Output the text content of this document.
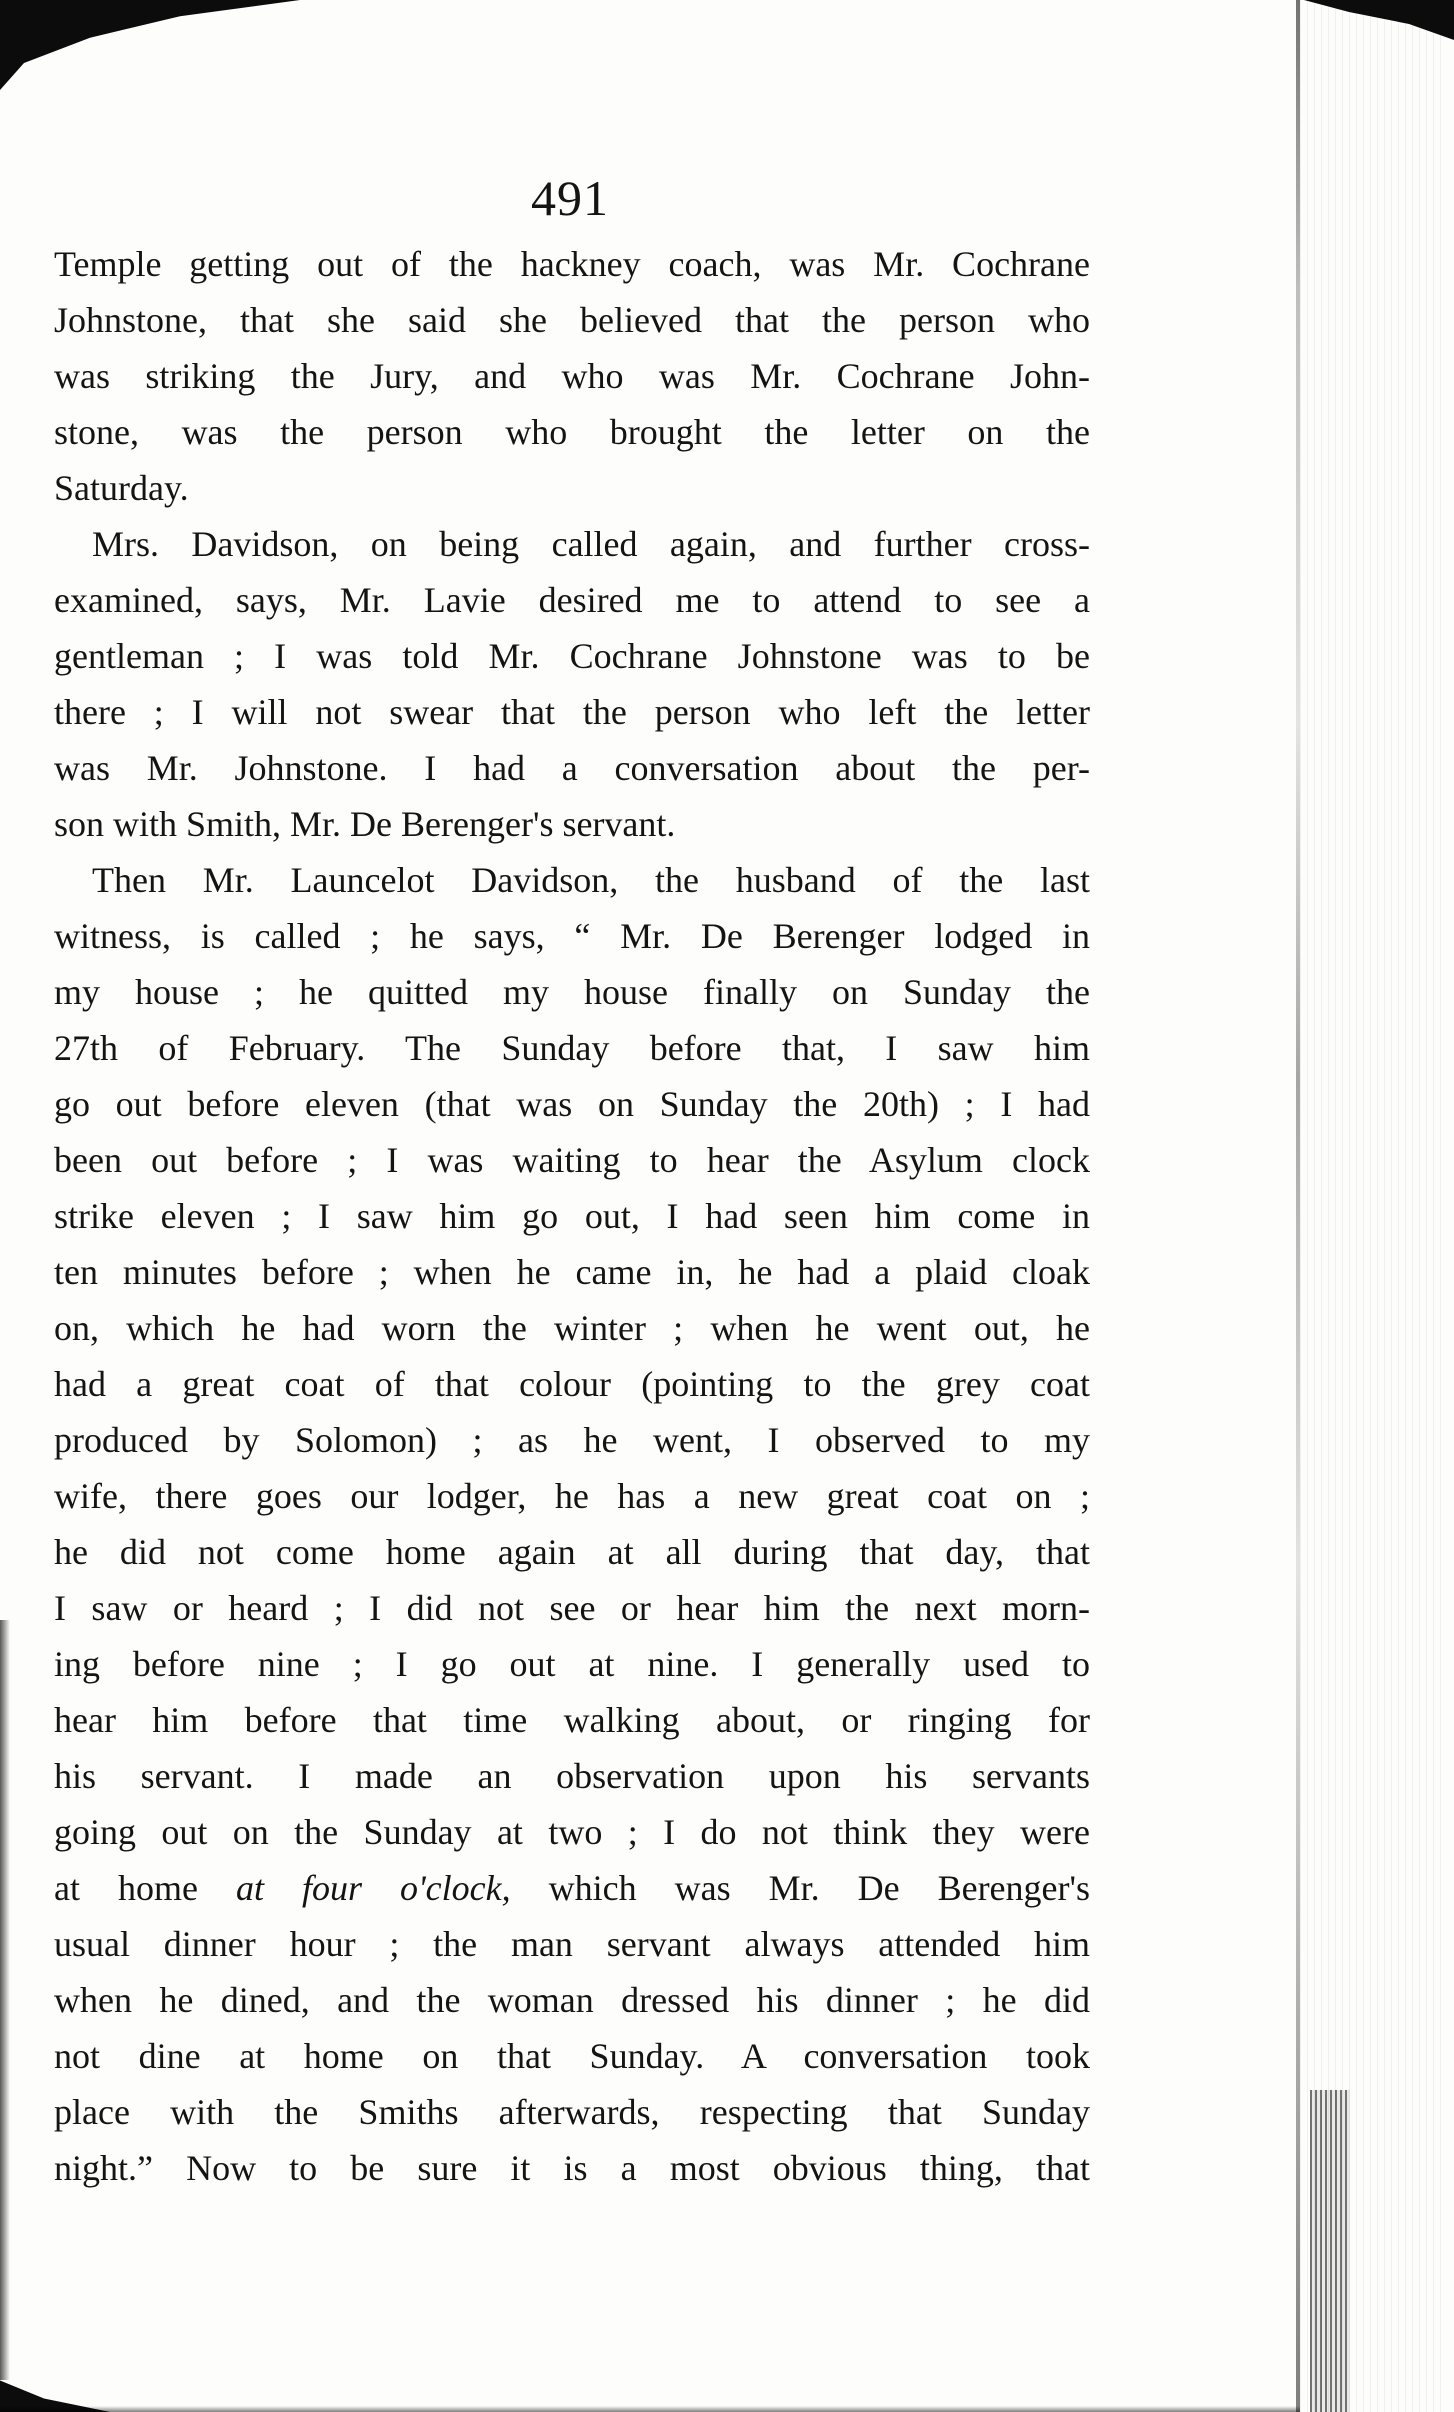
491
Temple getting out of the hackney coach, was Mr. Cochrane
Johnstone, that she said she believed that the person who
was striking the Jury, and who was Mr. Cochrane John-
stone, was the person who brought the letter on the
Saturday.
Mrs. Davidson, on being called again, and further cross-
examined, says, Mr. Lavie desired me to attend to see a
gentleman ; I was told Mr. Cochrane Johnstone was to be
there ; I will not swear that the person who left the letter
was Mr. Johnstone. I had a conversation about the per-
son with Smith, Mr. De Berenger's servant.
Then Mr. Launcelot Davidson, the husband of the last
witness, is called ; he says, “ Mr. De Berenger lodged in
my house ; he quitted my house finally on Sunday the
27th of February. The Sunday before that, I saw him
go out before eleven (that was on Sunday the 20th) ; I had
been out before ; I was waiting to hear the Asylum clock
strike eleven ; I saw him go out, I had seen him come in
ten minutes before ; when he came in, he had a plaid cloak
on, which he had worn the winter ; when he went out, he
had a great coat of that colour (pointing to the grey coat
produced by Solomon) ; as he went, I observed to my
wife, there goes our lodger, he has a new great coat on ;
he did not come home again at all during that day, that
I saw or heard ; I did not see or hear him the next morn-
ing before nine ; I go out at nine. I generally used to
hear him before that time walking about, or ringing for
his servant. I made an observation upon his servants
going out on the Sunday at two ; I do not think they were
at home at four o'clock, which was Mr. De Berenger's
usual dinner hour ; the man servant always attended him
when he dined, and the woman dressed his dinner ; he did
not dine at home on that Sunday. A conversation took
place with the Smiths afterwards, respecting that Sunday
night.” Now to be sure it is a most obvious thing, that
